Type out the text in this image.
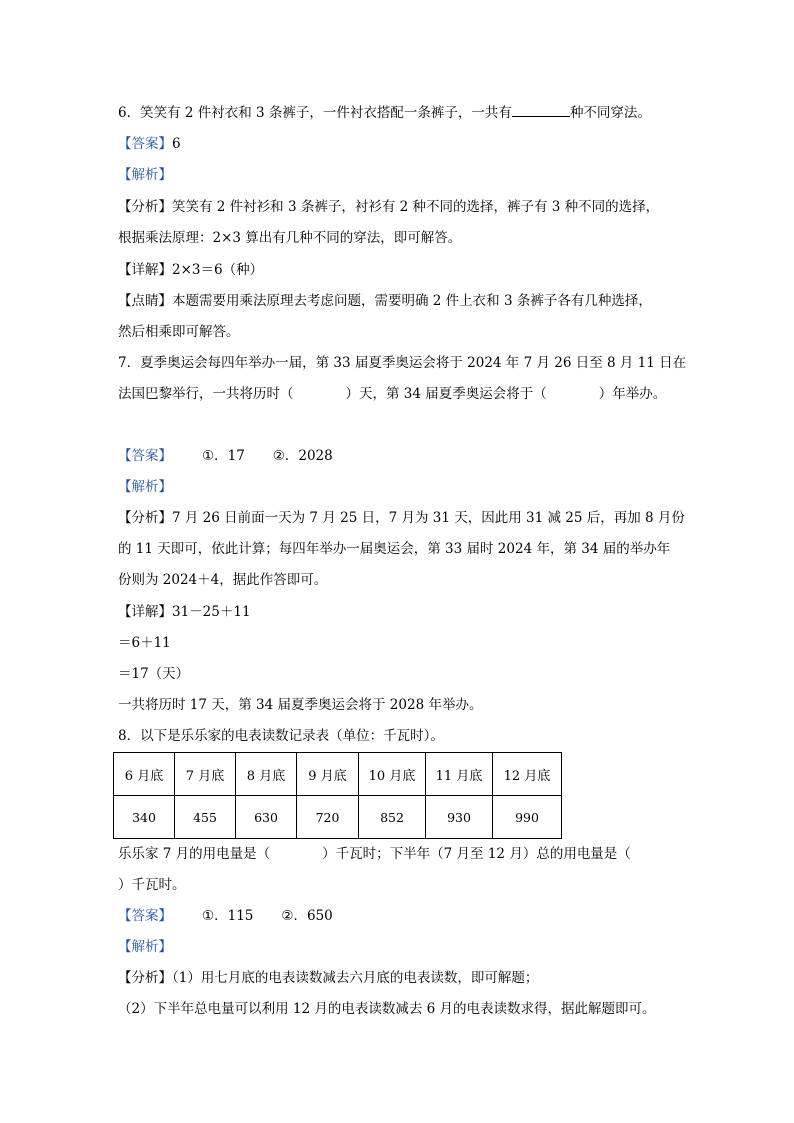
6．笑笑有 2 件衬衣和 3 条裤子，一件衬衣搭配一条裤子，一共有	种不同穿法。
【答案】6
【解析】
【分析】笑笑有 2 件衬衫和 3 条裤子，衬衫有 2 种不同的选择，裤子有 3 种不同的选择，
根据乘法原理：2×3 算出有几种不同的穿法，即可解答。
【详解】2×3＝6（种）
【点睛】本题需要用乘法原理去考虑问题，需要明确 2 件上衣和 3 条裤子各有几种选择，
然后相乘即可解答。
7．夏季奥运会每四年举办一届，第 33 届夏季奥运会将于 2024 年 7 月 26 日至 8 月 11 日在
法国巴黎举行，一共将历时（	）天，第 34 届夏季奥运会将于（	）年举办。
【答案】 ①．17 ②．2028
【解析】
【分析】7 月 26 日前面一天为 7 月 25 日，7 月为 31 天，因此用 31 减 25 后，再加 8 月份
的 11 天即可，依此计算；每四年举办一届奥运会，第 33 届时 2024 年，第 34 届的举办年
份则为 2024＋4，据此作答即可。
【详解】31－25＋11
＝6＋11
＝17（天）
一共将历时 17 天，第 34 届夏季奥运会将于 2028 年举办。
8．以下是乐乐家的电表读数记录表（单位：千瓦时）。
6 月底	7 月底	8 月底	9 月底	10 月底	11 月底	12 月底
340	455	630	720	852	930	990
乐乐家 7 月的用电量是（	）千瓦时；下半年（7 月至 12 月）总的用电量是（
）千瓦时。
【答案】 ①．115 ②．650
【解析】
【分析】（1）用七月底的电表读数减去六月底的电表读数，即可解题；
（2）下半年总电量可以利用 12 月的电表读数减去 6 月的电表读数求得，据此解题即可。
